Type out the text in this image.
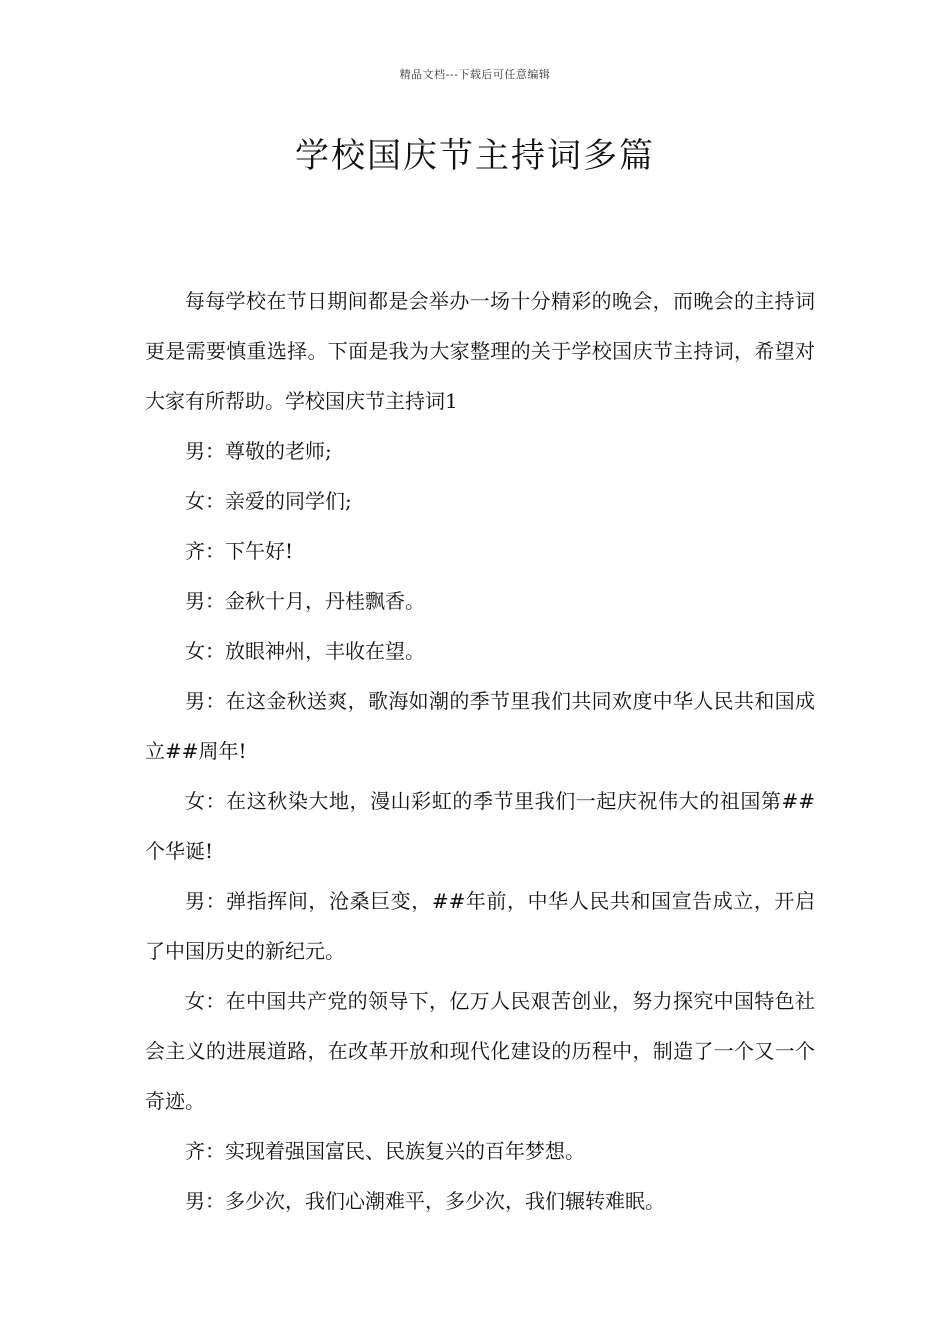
精品文档---下载后可任意编辑
学校国庆节主持词多篇

每每学校在节日期间都是会举办一场十分精彩的晚会，而晚会的主持词更是需要慎重选择。下面是我为大家整理的关于学校国庆节主持词，希望对大家有所帮助。学校国庆节主持词1

男：尊敬的老师;

女：亲爱的同学们;

齐：下午好!

男：金秋十月，丹桂飘香。

女：放眼神州，丰收在望。

男：在这金秋送爽，歌海如潮的季节里我们共同欢度中华人民共和国成立##周年!

女：在这秋染大地，漫山彩虹的季节里我们一起庆祝伟大的祖国第##个华诞!

男：弹指挥间，沧桑巨变，##年前，中华人民共和国宣告成立，开启了中国历史的新纪元。

女：在中国共产党的领导下，亿万人民艰苦创业，努力探究中国特色社会主义的进展道路，在改革开放和现代化建设的历程中，制造了一个又一个奇迹。

齐：实现着强国富民、民族复兴的百年梦想。

男：多少次，我们心潮难平，多少次，我们辗转难眠。
